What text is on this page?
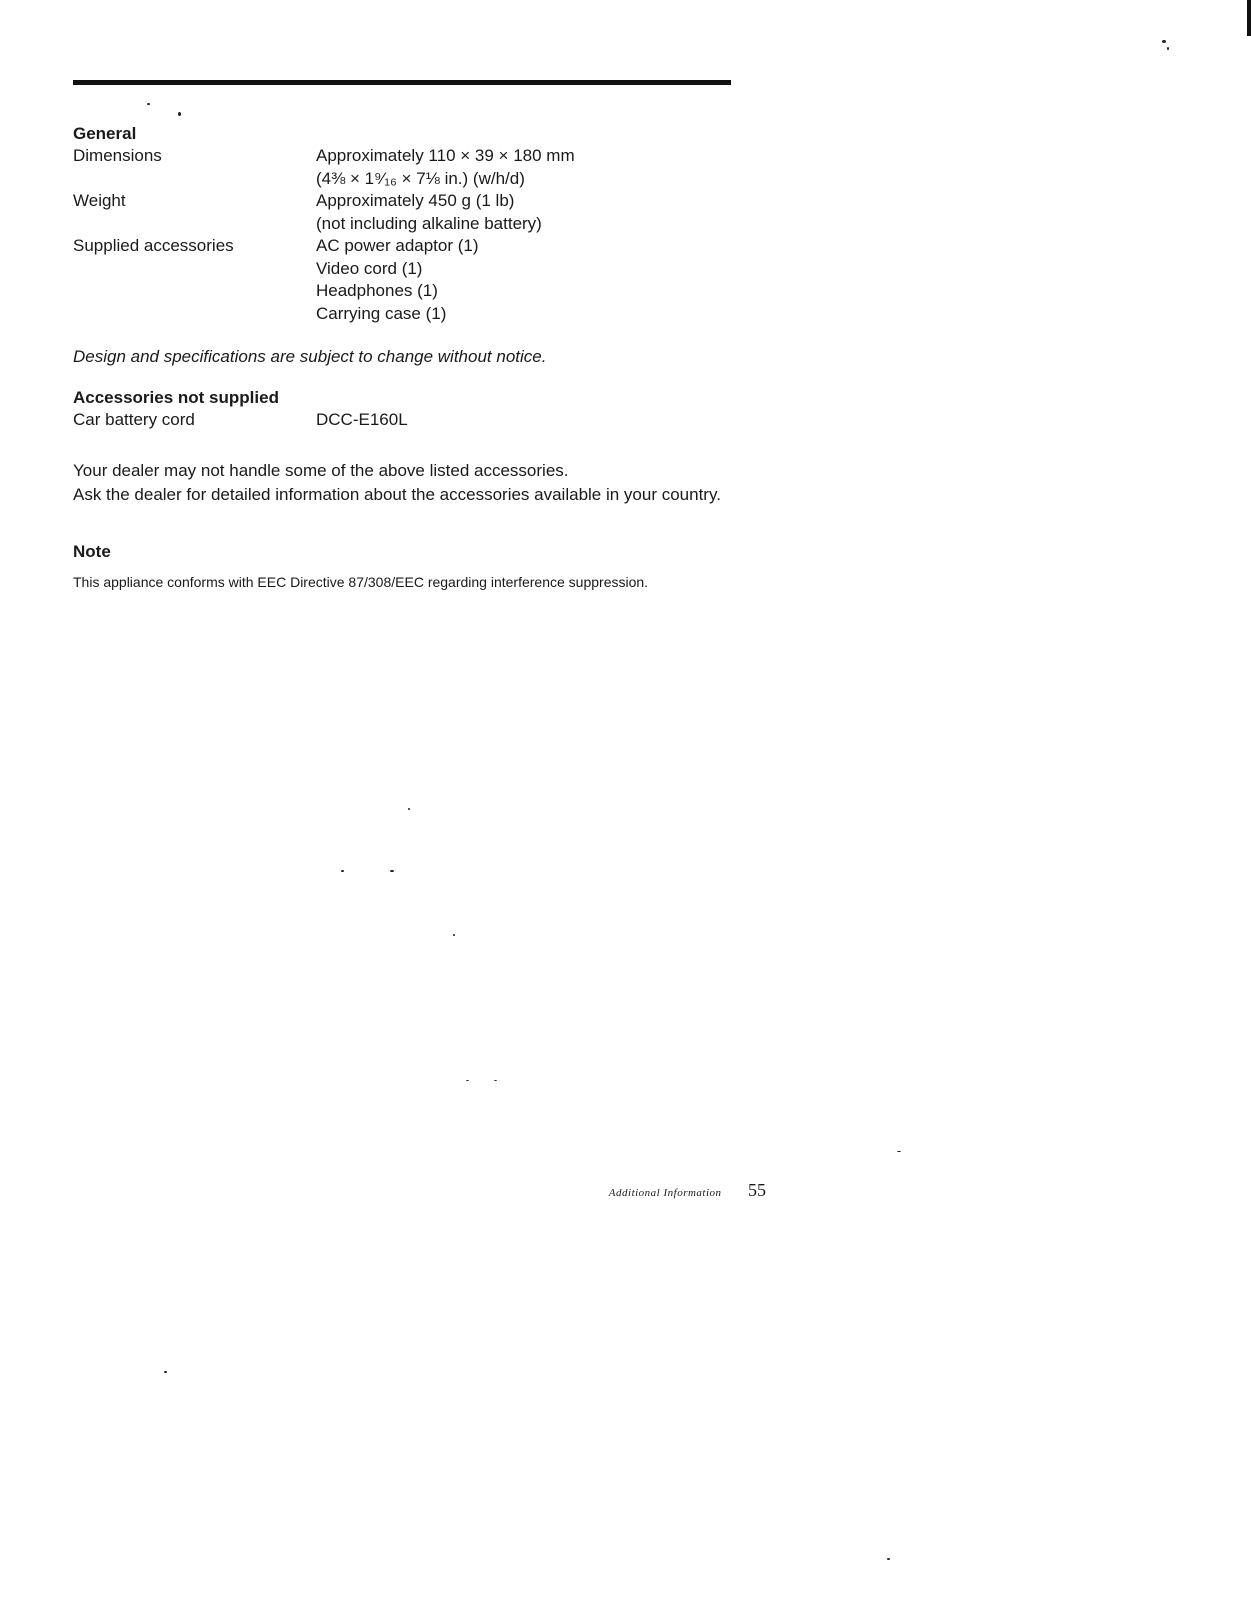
General
Dimensions	Approximately 110 × 39 × 180 mm
(4⅜ × 1⁹⁄₁₆ × 7⅛ in.) (w/h/d)

Weight	Approximately 450 g (1 lb)
(not including alkaline battery)

Supplied accessories	AC power adaptor (1)
Video cord (1)
Headphones (1)
Carrying case (1)

Design and specifications are subject to change without notice.

Accessories not supplied
Car battery cord	DCC-E160L

Your dealer may not handle some of the above listed accessories.
Ask the dealer for detailed information about the accessories available in your country.

Note

This appliance conforms with EEC Directive 87/308/EEC regarding interference suppression.

Additional Information 55
